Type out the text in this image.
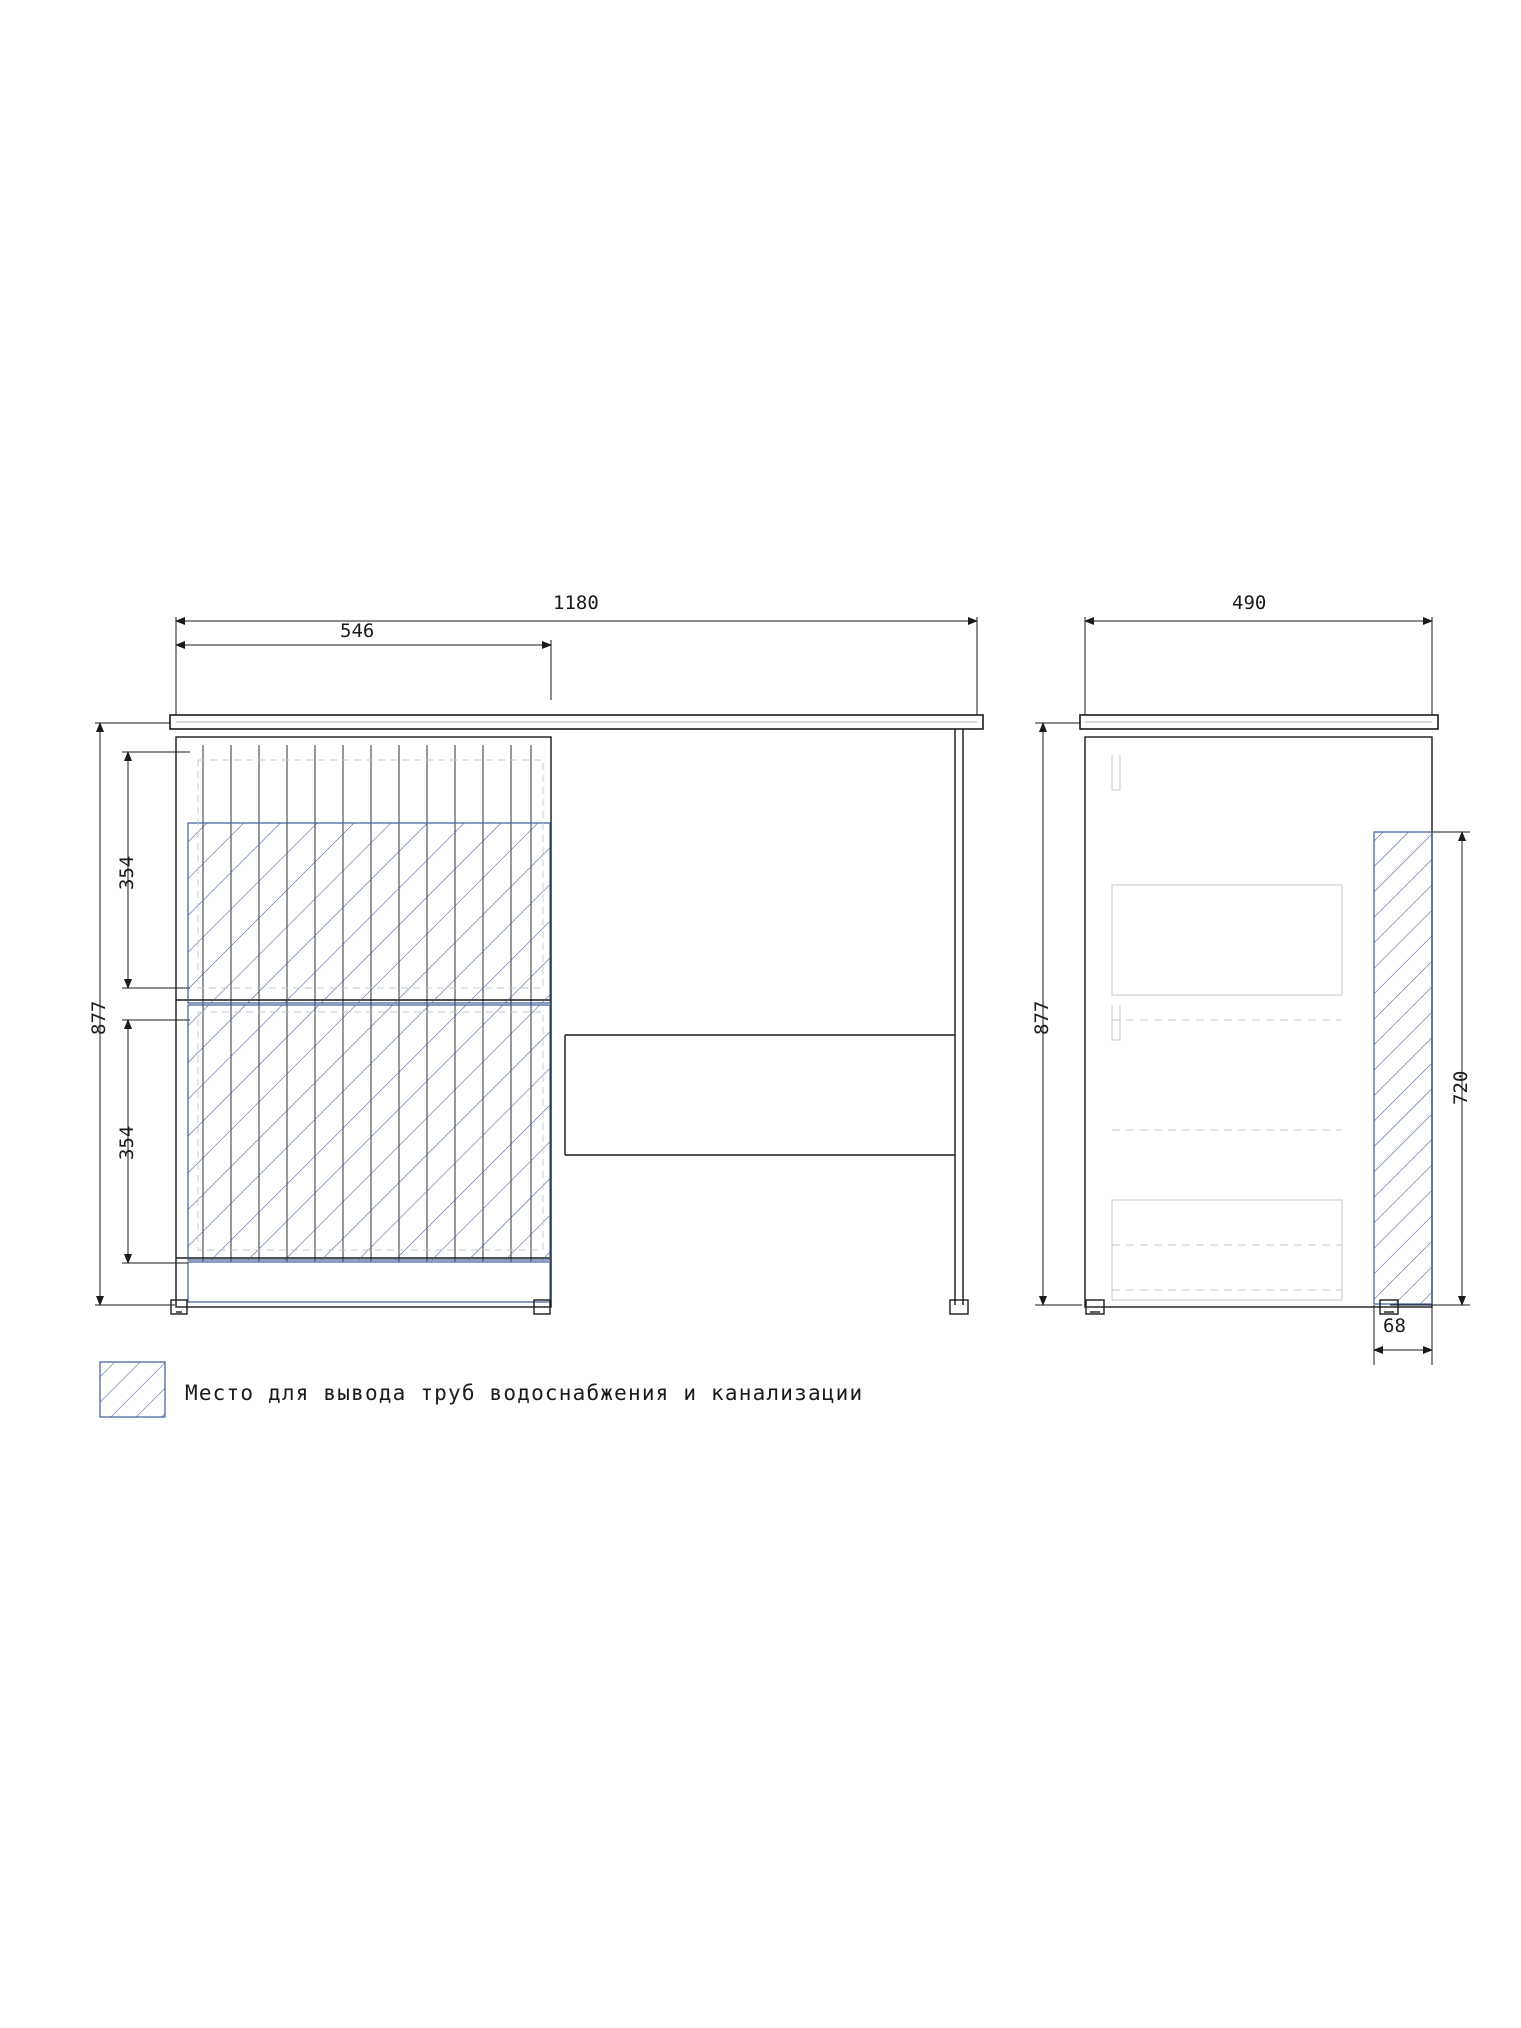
1180
546
877
354
354
490
877
720
68
Место для вывода труб водоснабжения и канализации
